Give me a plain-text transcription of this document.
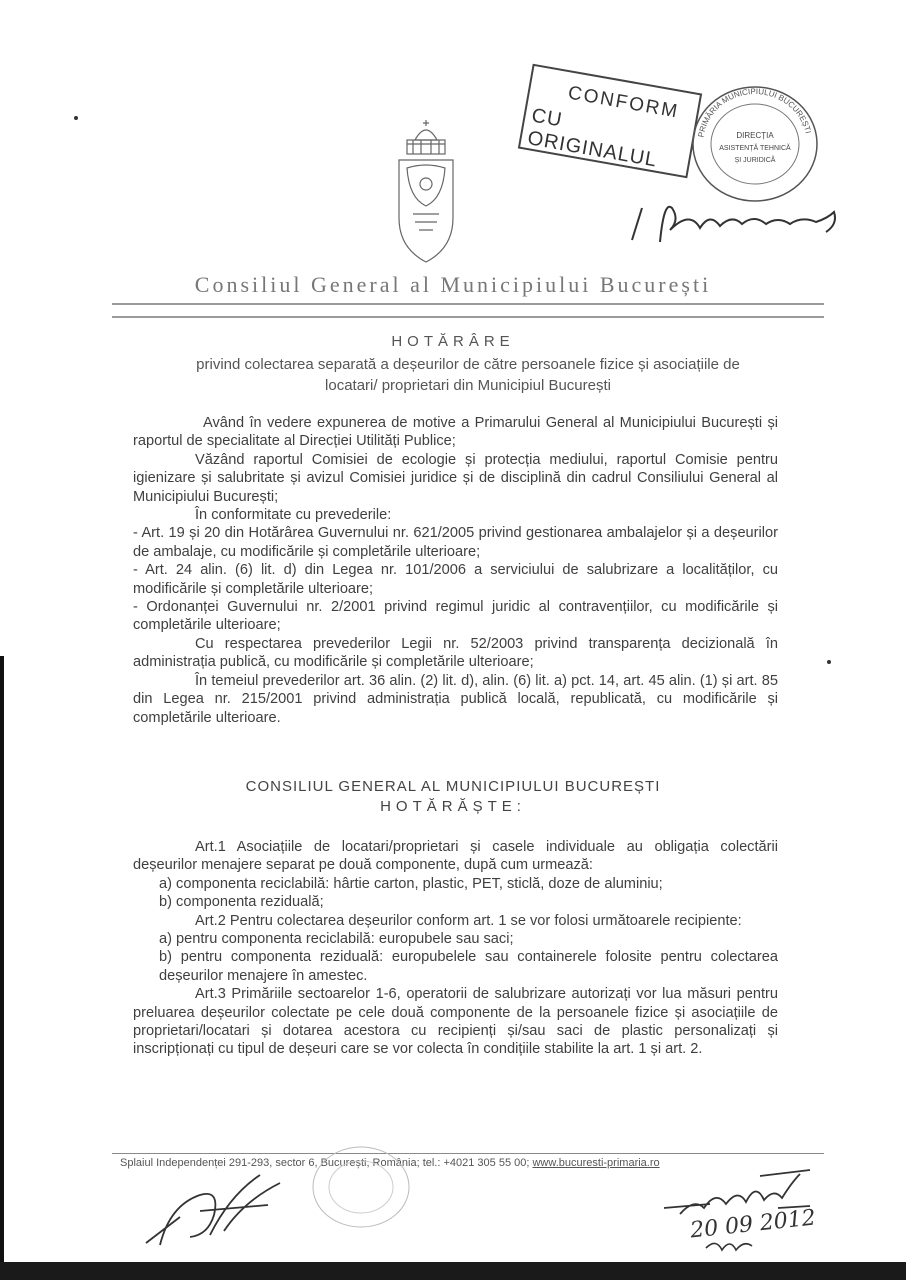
CONFORM
CU ORIGINALUL	PRIMĂRIA MUNICIPIULUI BUCUREȘTI
DIRECȚIA
ASISTENȚĂ TEHNICĂ
ȘI JURIDICĂ
Consiliul General al Municipiului București
HOTĂRÂRE
privind colectarea separată a deșeurilor de către persoanele fizice și asociațiile de locatari/ proprietari din Municipiul București

Având în vedere expunerea de motive a Primarului General al Municipiului București și raportul de specialitate al Direcției Utilități Publice;

Văzând raportul Comisiei de ecologie și protecția mediului, raportul Comisie pentru igienizare și salubritate și avizul Comisiei juridice și de disciplină din cadrul Consiliului General al Municipiului București;

În conformitate cu prevederile:

- Art. 19 și 20 din Hotărârea Guvernului nr. 621/2005 privind gestionarea ambalajelor și a deșeurilor de ambalaje, cu modificările și completările ulterioare;

- Art. 24 alin. (6) lit. d) din Legea nr. 101/2006 a serviciului de salubrizare a localităților, cu modificările și completările ulterioare;

- Ordonanței Guvernului nr. 2/2001 privind regimul juridic al contravențiilor, cu modificările și completările ulterioare;

Cu respectarea prevederilor Legii nr. 52/2003 privind transparența decizională în administrația publică, cu modificările și completările ulterioare;

În temeiul prevederilor art. 36 alin. (2) lit. d), alin. (6) lit. a) pct. 14, art. 45 alin. (1) și art. 85 din Legea nr. 215/2001 privind administrația publică locală, republicată, cu modificările și completările ulterioare.

CONSILIUL GENERAL AL MUNICIPIULUI BUCUREȘTI
HOTĂRĂȘTE:

Art.1 Asociațiile de locatari/proprietari și casele individuale au obligația colectării deșeurilor menajere separat pe două componente, după cum urmează:

a) componenta reciclabilă: hârtie carton, plastic, PET, sticlă, doze de aluminiu;

b) componenta reziduală;

Art.2 Pentru colectarea deșeurilor conform art. 1 se vor folosi următoarele recipiente:

a) pentru componenta reciclabilă: europubele sau saci;

b) pentru componenta reziduală: europubelele sau containerele folosite pentru colectarea deșeurilor menajere în amestec.

Art.3 Primăriile sectoarelor 1-6, operatorii de salubrizare autorizați vor lua măsuri pentru preluarea deșeurilor colectate pe cele două componente de la persoanele fizice și asociațiile de proprietari/locatari și dotarea acestora cu recipienți și/sau saci de plastic personalizați și inscripționați cu tipul de deșeuri care se vor colecta în condițiile stabilite la art. 1 și art. 2.

Splaiul Independenței 291-293, sector 6, București, România; tel.: +4021 305 55 00; www.bucuresti-primaria.ro
20 09 2012
